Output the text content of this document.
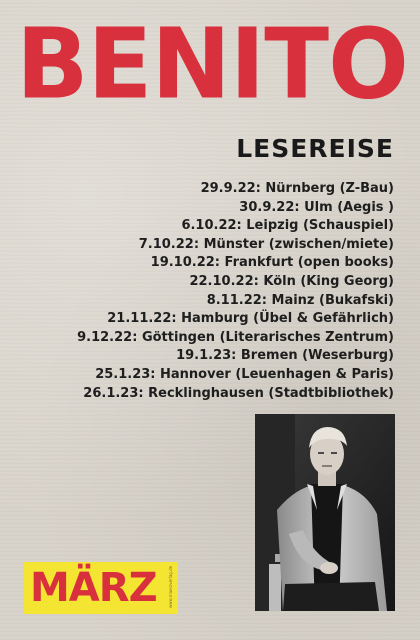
BENITO
LESEREISE
29.9.22: Nürnberg (Z-Bau)
30.9.22: Ulm (Aegis )
6.10.22: Leipzig (Schauspiel)
7.10.22: Münster (zwischen/miete)
19.10.22: Frankfurt (open books)
22.10.22: Köln (King Georg)
8.11.22: Mainz (Bukafski)
21.11.22: Hamburg (Übel & Gefährlich)
9.12.22: Göttingen (Literarisches Zentrum)
19.1.23: Bremen (Weserburg)
25.1.23: Hannover (Leuenhagen & Paris)
26.1.23: Recklinghausen (Stadtbibliothek)
MÄRZ	www.maerzverlag.de
